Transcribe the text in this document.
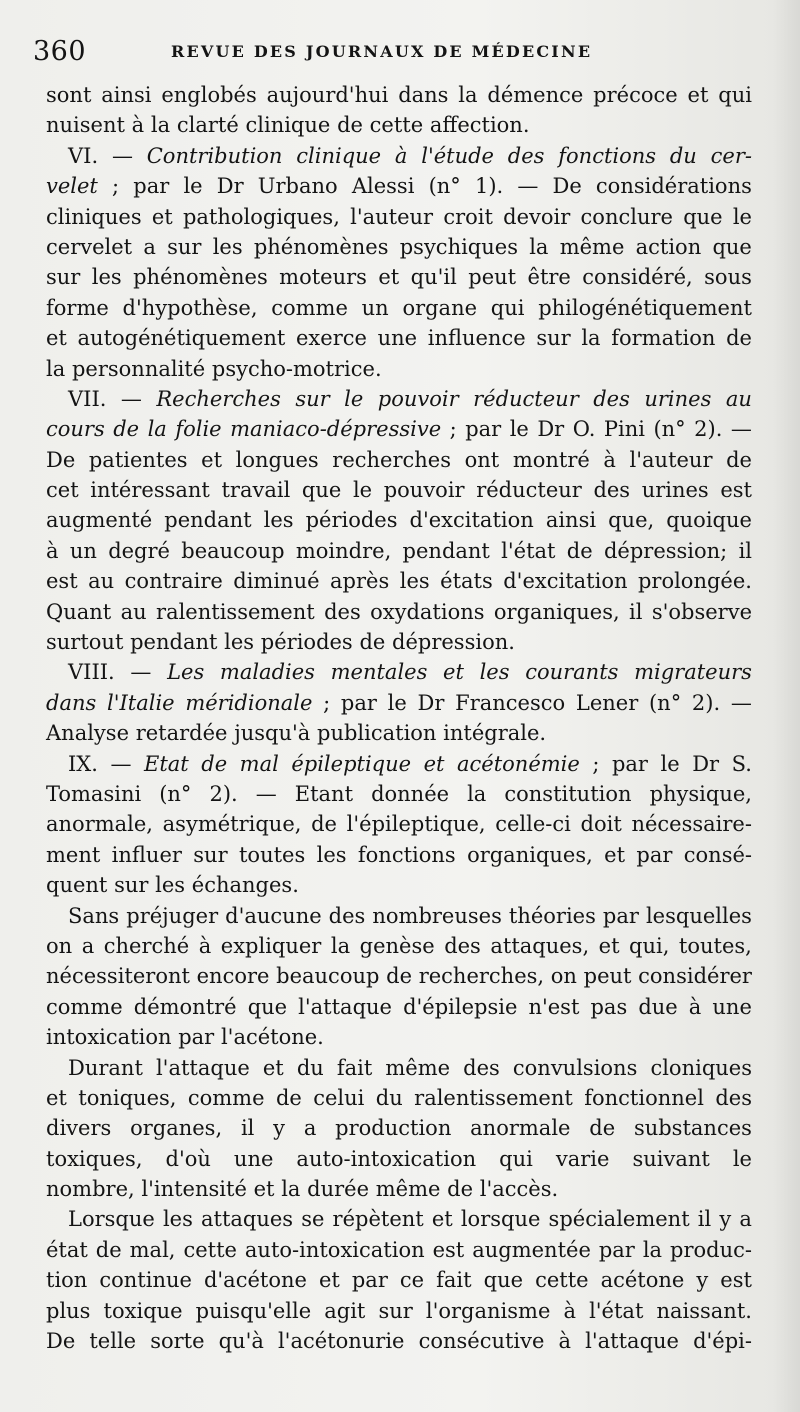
360	REVUE DES JOURNAUX DE MÉDECINE
sont ainsi englobés aujourd'hui dans la démence précoce et qui
nuisent à la clarté clinique de cette affection.
VI. — Contribution clinique à l'étude des fonctions du cer-
velet ; par le Dr Urbano Alessi (n° 1). — De considérations
cliniques et pathologiques, l'auteur croit devoir conclure que le
cervelet a sur les phénomènes psychiques la même action que
sur les phénomènes moteurs et qu'il peut être considéré, sous
forme d'hypothèse, comme un organe qui philogénétiquement
et autogénétiquement exerce une influence sur la formation de
la personnalité psycho-motrice.
VII. — Recherches sur le pouvoir réducteur des urines au
cours de la folie maniaco-dépressive ; par le Dr O. Pini (n° 2). —
De patientes et longues recherches ont montré à l'auteur de
cet intéressant travail que le pouvoir réducteur des urines est
augmenté pendant les périodes d'excitation ainsi que, quoique
à un degré beaucoup moindre, pendant l'état de dépression; il
est au contraire diminué après les états d'excitation prolongée.
Quant au ralentissement des oxydations organiques, il s'observe
surtout pendant les périodes de dépression.
VIII. — Les maladies mentales et les courants migrateurs
dans l'Italie méridionale ; par le Dr Francesco Lener (n° 2). —
Analyse retardée jusqu'à publication intégrale.
IX. — Etat de mal épileptique et acétonémie ; par le Dr S.
Tomasini (n° 2). — Etant donnée la constitution physique,
anormale, asymétrique, de l'épileptique, celle-ci doit nécessaire-
ment influer sur toutes les fonctions organiques, et par consé-
quent sur les échanges.
Sans préjuger d'aucune des nombreuses théories par lesquelles
on a cherché à expliquer la genèse des attaques, et qui, toutes,
nécessiteront encore beaucoup de recherches, on peut considérer
comme démontré que l'attaque d'épilepsie n'est pas due à une
intoxication par l'acétone.
Durant l'attaque et du fait même des convulsions cloniques
et toniques, comme de celui du ralentissement fonctionnel des
divers organes, il y a production anormale de substances
toxiques, d'où une auto-intoxication qui varie suivant le
nombre, l'intensité et la durée même de l'accès.
Lorsque les attaques se répètent et lorsque spécialement il y a
état de mal, cette auto-intoxication est augmentée par la produc-
tion continue d'acétone et par ce fait que cette acétone y est
plus toxique puisqu'elle agit sur l'organisme à l'état naissant.
De telle sorte qu'à l'acétonurie consécutive à l'attaque d'épi-
